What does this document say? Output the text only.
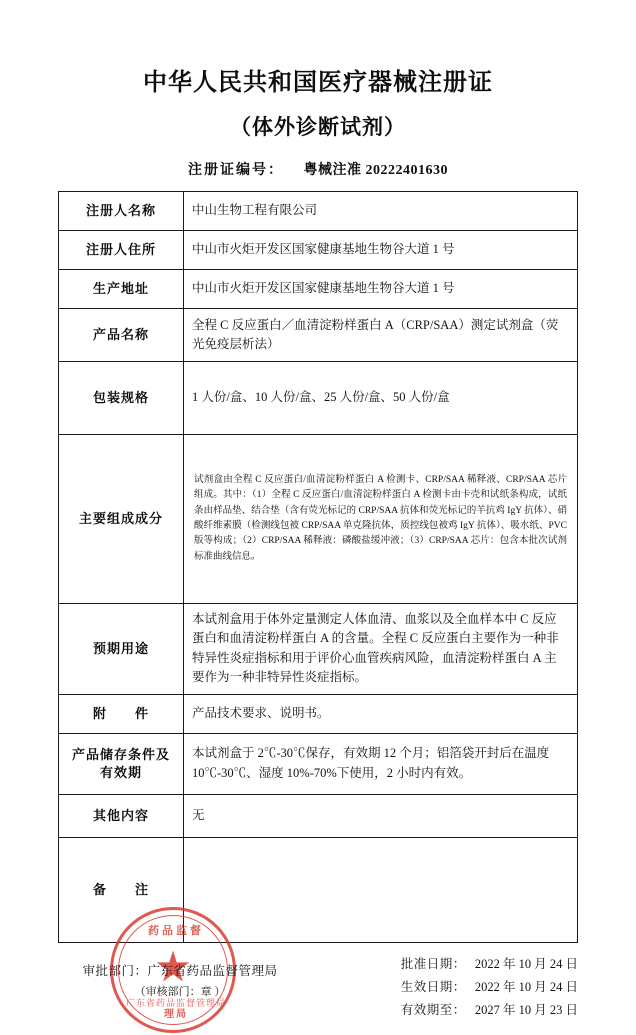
中华人民共和国医疗器械注册证
（体外诊断试剂）
注册证编号： 粤械注准 20222401630
注册人名称	中山生物工程有限公司
注册人住所	中山市火炬开发区国家健康基地生物谷大道 1 号
生产地址	中山市火炬开发区国家健康基地生物谷大道 1 号
产品名称	全程 C 反应蛋白／血清淀粉样蛋白 A（CRP/SAA）测定试剂盒（荧光免疫层析法）
包装规格	1 人份/盒、10 人份/盒、25 人份/盒、50 人份/盒
主要组成成分	试剂盒由全程 C 反应蛋白/血清淀粉样蛋白 A 检测卡、CRP/SAA 稀释液、CRP/SAA 芯片组成。其中：（1）全程 C 反应蛋白/血清淀粉样蛋白 A 检测卡由卡壳和试纸条构成，试纸条由样品垫、结合垫（含有荧光标记的 CRP/SAA 抗体和荧光标记的羊抗鸡 IgY 抗体）、硝酸纤维素膜（检测线包被 CRP/SAA 单克隆抗体，质控线包被鸡 IgY 抗体）、吸水纸、PVC 版等构成；（2）CRP/SAA 稀释液：磷酸盐缓冲液；（3）CRP/SAA 芯片：包含本批次试剂标准曲线信息。
预期用途	本试剂盒用于体外定量测定人体血清、血浆以及全血样本中 C 反应蛋白和血清淀粉样蛋白 A 的含量。全程 C 反应蛋白主要作为一种非特异性炎症指标和用于评价心血管疾病风险，血清淀粉样蛋白 A 主要作为一种非特异性炎症指标。
附　　件	产品技术要求、说明书。
产品储存条件及有效期	本试剂盒于 2℃-30℃保存，有效期 12 个月；铝箔袋开封后在温度 10℃-30℃、湿度 10%-70%下使用，2 小时内有效。
其他内容	无
备　　注	
药品监督
广东省药品监督管理局
理局
审批部门：广东省药品监督管理局
（审核部门：章 ）
批准日期： 2022 年 10 月 24 日
生效日期： 2022 年 10 月 24 日
有效期至： 2027 年 10 月 23 日
